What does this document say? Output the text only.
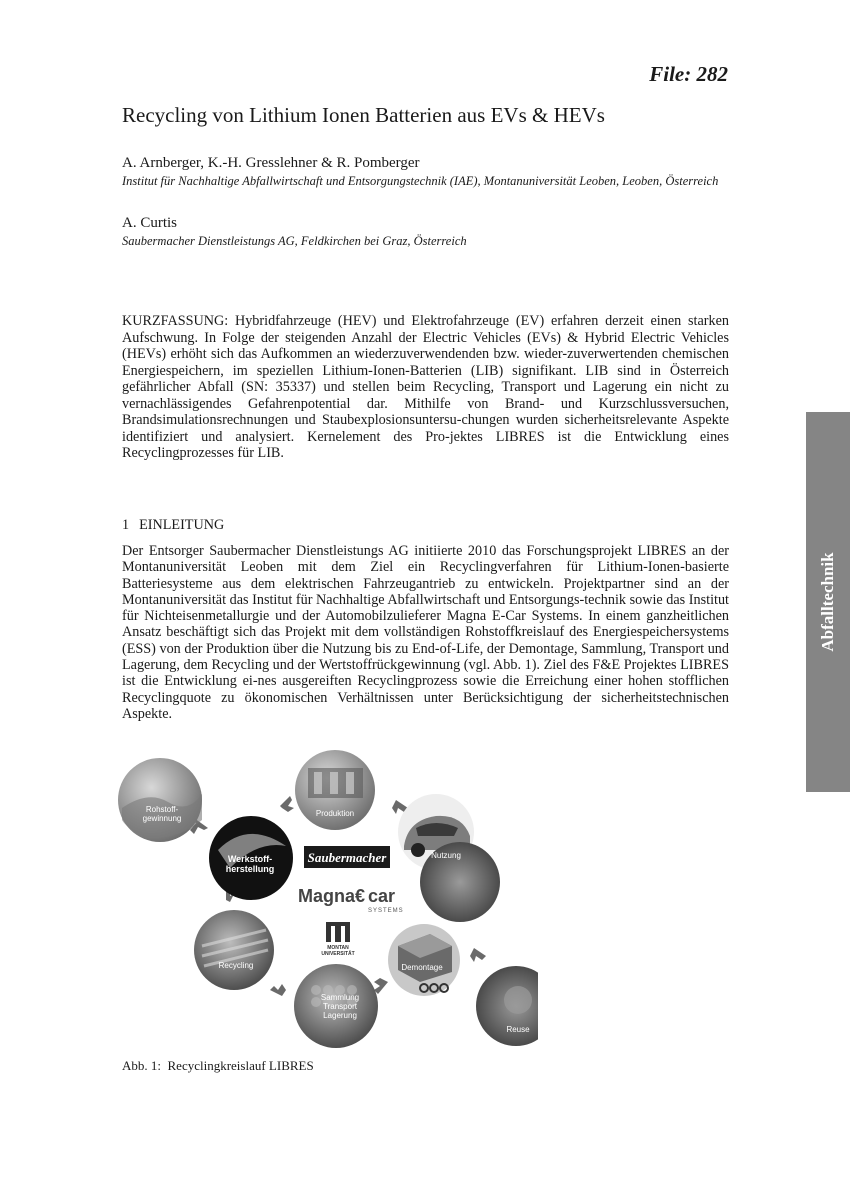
File: 282
Recycling von Lithium Ionen Batterien aus EVs & HEVs
A. Arnberger, K.-H. Gresslehner & R. Pomberger
Institut für Nachhaltige Abfallwirtschaft und Entsorgungstechnik (IAE), Montanuniversität Leoben, Leoben, Österreich
A. Curtis
Saubermacher Dienstleistungs AG, Feldkirchen bei Graz, Österreich

KURZFASSUNG: Hybridfahrzeuge (HEV) und Elektrofahrzeuge (EV) erfahren derzeit einen starken Aufschwung. In Folge der steigenden Anzahl der Electric Vehicles (EVs) & Hybrid Electric Vehicles (HEVs) erhöht sich das Aufkommen an wiederzuverwendenden bzw. wieder-zuverwertenden chemischen Energiespeichern, im speziellen Lithium-Ionen-Batterien (LIB) signifikant. LIB sind in Österreich gefährlicher Abfall (SN: 35337) und stellen beim Recycling, Transport und Lagerung ein nicht zu vernachlässigendes Gefahrenpotential dar. Mithilfe von Brand- und Kurzschlussversuchen, Brandsimulationsrechnungen und Staubexplosionsuntersu-chungen wurden sicherheitsrelevante Aspekte identifiziert und analysiert. Kernelement des Pro-jektes LIBRES ist die Entwicklung eines Recyclingprozesses für LIB.

1 EINLEITUNG

Der Entsorger Saubermacher Dienstleistungs AG initiierte 2010 das Forschungsprojekt LIBRES an der Montanuniversität Leoben mit dem Ziel ein Recyclingverfahren für Lithium-Ionen-basierte Batteriesysteme aus dem elektrischen Fahrzeugantrieb zu entwickeln. Projektpartner sind an der Montanuniversität das Institut für Nachhaltige Abfallwirtschaft und Entsorgungs-technik sowie das Institut für Nichteisenmetallurgie und der Automobilzulieferer Magna E-Car Systems. In einem ganzheitlichen Ansatz beschäftigt sich das Projekt mit dem vollständigen Rohstoffkreislauf des Energiespeichersystems (ESS) von der Produktion über die Nutzung bis zu End-of-Life, der Demontage, Sammlung, Transport und Lagerung, dem Recycling und der Wertstoffrückgewinnung (vgl. Abb. 1). Ziel des F&E Projektes LIBRES ist die Entwicklung ei-nes ausgereiften Recyclingprozess sowie die Erreichung einer hohen stofflichen Recyclingquote zu ökonomischen Verhältnissen unter Berücksichtigung der sicherheitstechnischen Aspekte.

Abfalltechnik
Rohstoff-gewinnung
Produktion
Nutzung
Werkstoff-herstellung
Saubermacher
Magna € car
SYSTEMS
MONTAN UNIVERSITÄT
Demontage
Recycling
Sammlung Transport Lagerung
Reuse

Abb. 1: Recyclingkreislauf LIBRES
